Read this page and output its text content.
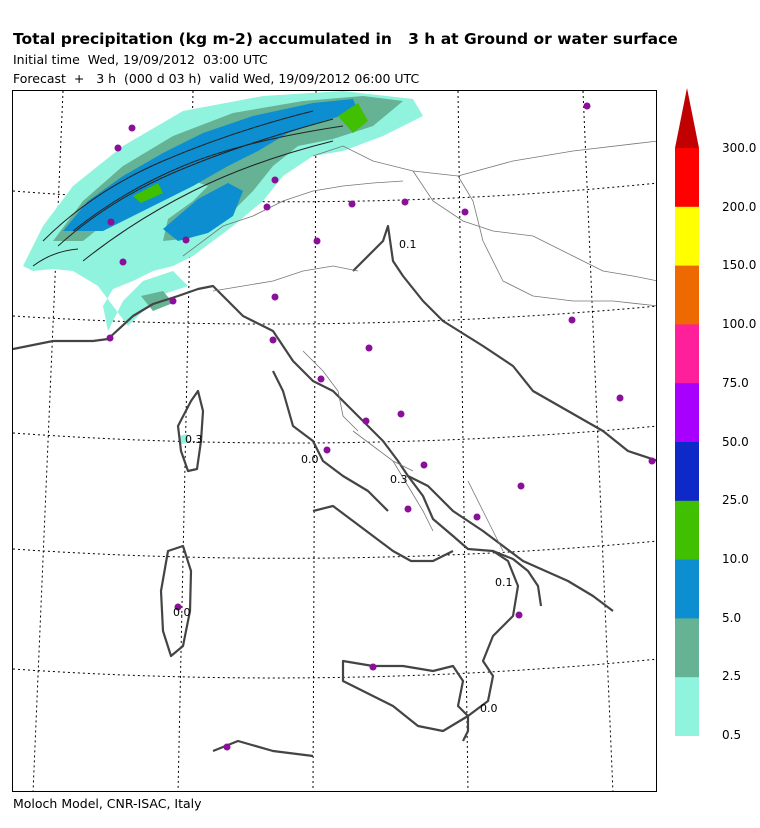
Total precipitation (kg m-2) accumulated in   3 h at Ground or water surface
Initial time  Wed, 19/09/2012  03:00 UTC
Forecast  +   3 h  (000 d 03 h)  valid Wed, 19/09/2012 06:00 UTC
0.1
0.3
0.0
0.3
0.0
0.1
0.0
300.0
200.0
150.0
100.0
75.0
50.0
25.0
10.0
5.0
2.5
0.5
Moloch Model, CNR-ISAC, Italy
